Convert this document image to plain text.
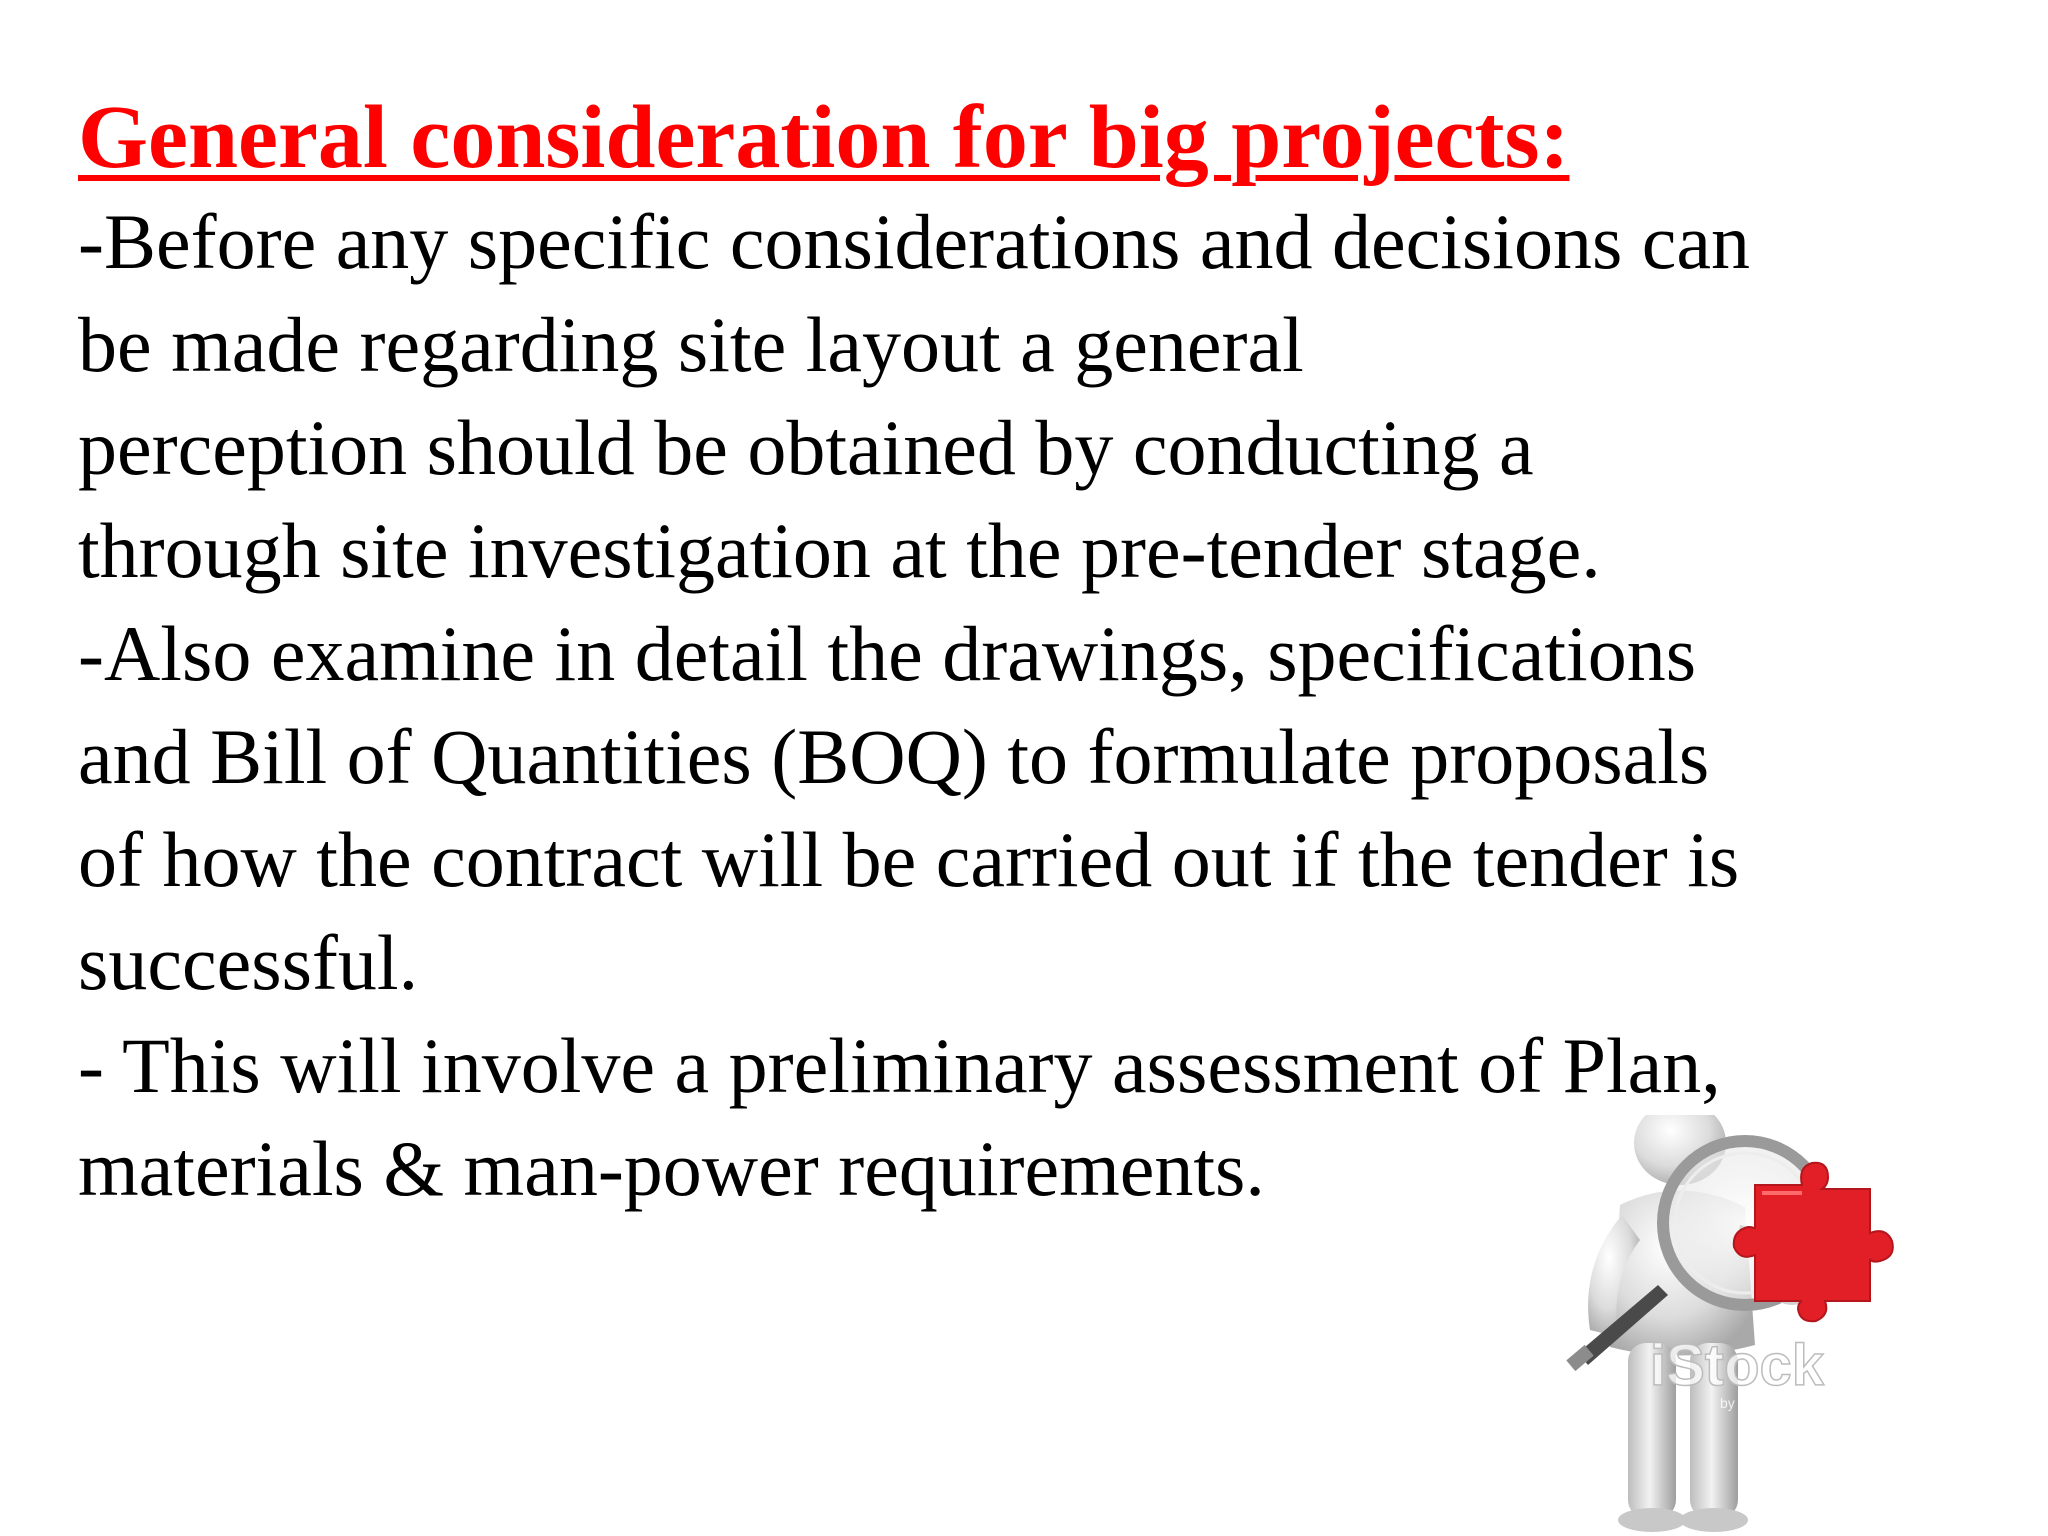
General consideration for big projects:

-Before any specific considerations and decisions can

be made regarding site layout a general

perception should be obtained by conducting a

through site investigation at the pre-tender stage.

-Also examine in detail the drawings, specifications

and Bill of Quantities (BOQ) to formulate proposals

of how the contract will be carried out if the tender is

successful.

- This will involve a preliminary assessment of Plan,

materials & man-power requirements.

iStock
by Getty Images
